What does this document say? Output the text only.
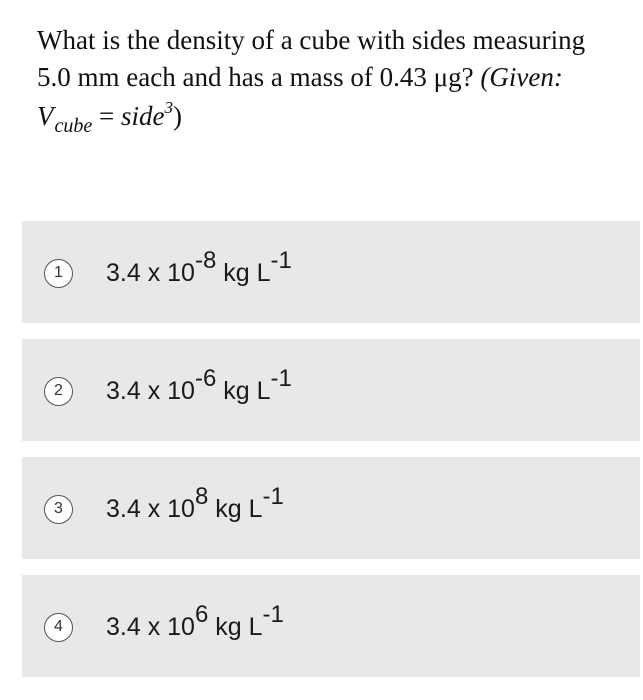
What is the density of a cube with sides measuring
5.0 mm each and has a mass of 0.43 μg? (Given:
$V_{cube}$ = side$^3$)
1	3.4 x $10^{-8}$ kg $L^{-1}$
2	3.4 x $10^{-6}$ kg $L^{-1}$
3	3.4 x $10^8$ kg $L^{-1}$
4	3.4 x $10^6$ kg $L^{-1}$
